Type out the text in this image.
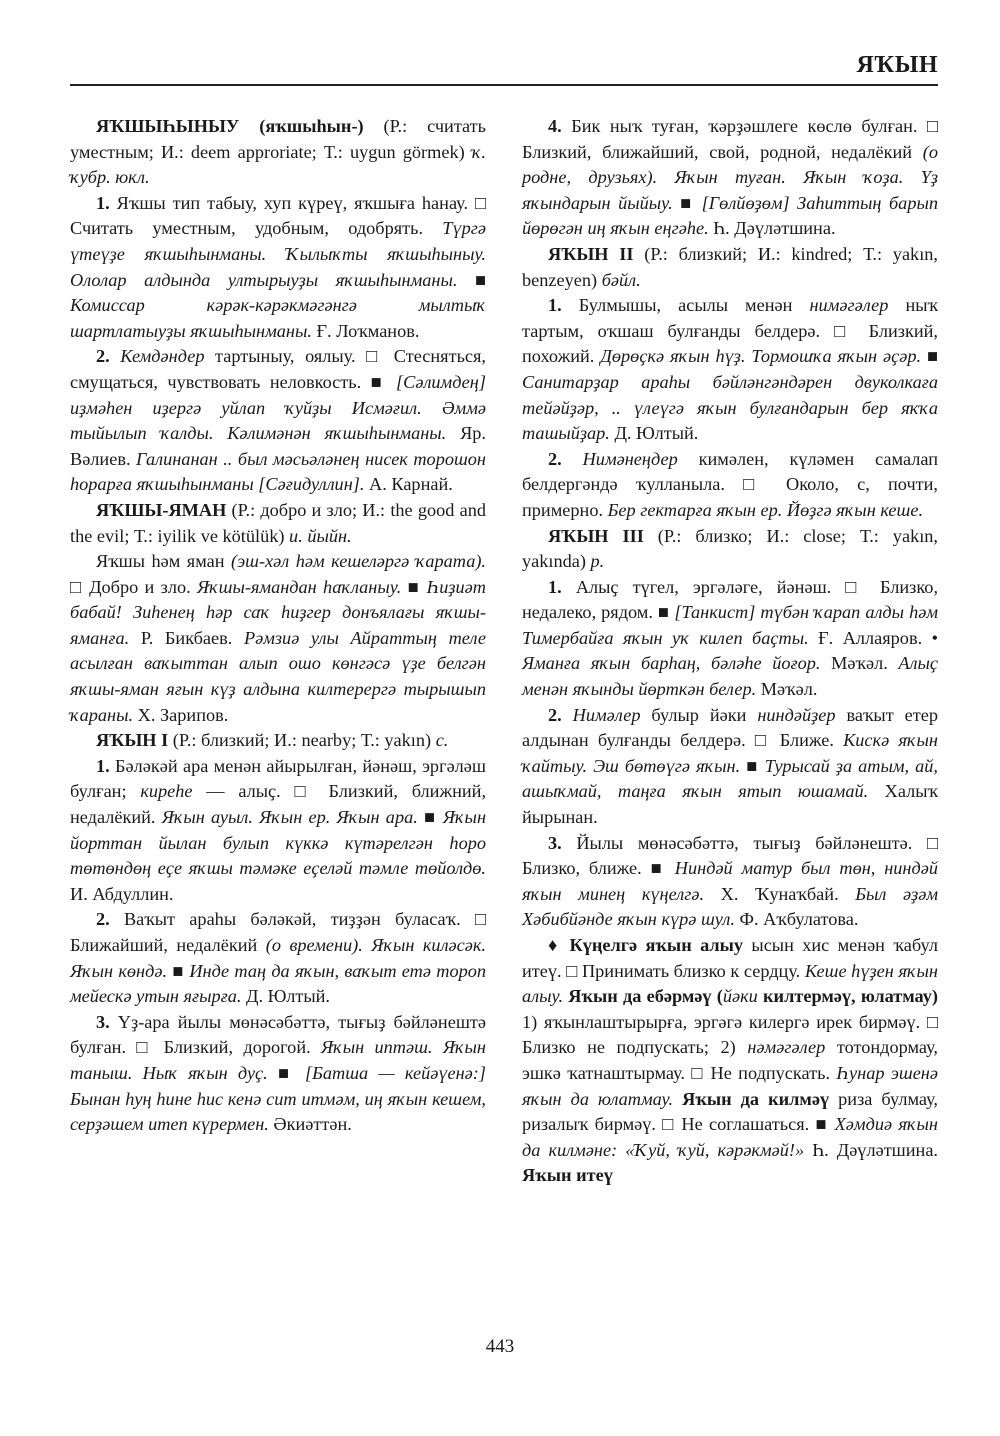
ЯҠЫН

ЯҠШЫҺЫНЫУ (яҡшыһын-) (Р.: считать уместным; И.: deem approriate; Т.: uygun görmek) ҡ. ҡубр. юкл.

1. Яҡшы тип табыу, хуп күреү, яҡшыға һанау. □ Считать уместным, удобным, одобрять. Түргә үтеүҙе яҡшыһынманы. Ҡылыҡты яҡшыһыныу. Ололар алдында ултырыуҙы яҡшыһынманы. ■ Комиссар кәрәк-кәрәкмәгәнгә мылтыҡ шартлатыуҙы яҡшыһынманы. Ғ. Лоҡманов.

2. Кемдәндер тартыныу, оялыу. □ Стесняться, смущаться, чувствовать неловкость. ■ [Сәлимдең] иҙмәһен иҙергә уйлап ҡуйҙы Исмәғил. Әммә тыйылып ҡалды. Кәлимәнән яҡшыһынманы. Яр. Вәлиев. Галинанан .. был мәсьәләнең нисек торошон һорарға яҡшыһынманы [Сәғидуллин]. А. Карнай.

ЯҠШЫ-ЯМАН (Р.: добро и зло; И.: the good and the evil; Т.: iyilik ve kötülük) и. йыйн.

Яҡшы һәм яман (эш-хәл һәм кешеләргә ҡарата). □ Добро и зло. Яҡшы-ямандан һаҡланыу. ■ Һиҙиәт бабай! Зиһенең һәр саҡ һиҙгер донъялағы яҡшы-яманға. Р. Бикбаев. Рәмзиә улы Айраттың теле асылған ваҡыттан алып ошо көнгәсә үҙе белгән яҡшы-яман яғын күҙ алдына килтерергә тырышып ҡараны. Х. Зарипов.

ЯҠЫН I (Р.: близкий; И.: nearby; Т.: yakın) с.

1. Бәләкәй ара менән айырылған, йәнәш, эргәләш булған; киреһе — алыҫ. □ Близкий, ближний, недалёкий. Яҡын ауыл. Яҡын ер. Яҡын ара. ■ Яҡын йорттан йылан булып күккә күтәрелгән һоро төтөндөң еҫе яҡшы тәмәке еҫеләй тәмле төйолдө. И. Абдуллин.

2. Ваҡыт араһы бәләкәй, тиҙҙән буласаҡ. □ Ближайший, недалёкий (о времени). Яҡын киләсәк. Яҡын көндә. ■ Инде таң да яҡын, ваҡыт етә тороп мейескә утын яғырға. Д. Юлтый.

3. Үҙ-ара йылы мөнәсәбәттә, тығыҙ бәйләнештә булған. □ Близкий, дорогой. Яҡын иптәш. Яҡын таныш. Ныҡ яҡын дуҫ. ■ [Батша — кейәүенә:] Бынан һуң һине һис кенә сит итмәм, иң яҡын кешем, серҙәшем итеп күрермен. Әкиәттән.

4. Бик ныҡ туған, ҡәрҙәшлеге көслө булған. □ Близкий, ближайший, свой, родной, недалёкий (о родне, друзьях). Яҡын туған. Яҡын ҡоҙа. Үҙ яҡындарын йыйыу. ■ [Гөлйөҙөм] Заһиттың барып йөрөгән иң яҡын еңгәһе. Һ. Дәүләтшина.

ЯҠЫН II (Р.: близкий; И.: kindred; Т.: yakın, benzeyen) бәйл.

1. Булмышы, асылы менән нимәгәлер ныҡ тартым, оҡшаш булғанды белдерә. □ Близкий, похожий. Дөрөҫкә яҡын һүҙ. Тормошҡа яҡын әҫәр. ■ Санитарҙар араһы бәйләнгәндәрен двуколкаға тейәйҙәр, .. үлеүгә яҡын булғандарын бер яҡҡа ташыйҙар. Д. Юлтый.

2. Нимәнеңдер кимәлен, күләмен самалап белдергәндә ҡулланыла. □ Около, с, почти, примерно. Бер гектарға яҡын ер. Йөҙгә яҡын кеше.

ЯҠЫН III (Р.: близко; И.: close; Т.: yakın, yakında) р.

1. Алыҫ түгел, эргәләге, йәнәш. □ Близко, недалеко, рядом. ■ [Танкист] түбән ҡарап алды һәм Тимербайға яҡын уҡ килеп баҫты. Ғ. Аллаяров. • Яманға яҡын барһаң, бәләһе йоғор. Мәҡәл. Алыҫ менән яҡынды йөрткән белер. Мәҡәл.

2. Нимәлер булыр йәки ниндәйҙер ваҡыт етер алдынан булғанды белдерә. □ Ближе. Кискә яҡын ҡайтыу. Эш бөтөүгә яҡын. ■ Турысай ҙа атым, ай, ашыҡмай, таңға яҡын ятып юшамай. Халыҡ йырынан.

3. Йылы мөнәсәбәттә, тығыҙ бәйләнештә. □ Близко, ближе. ■ Ниндәй матур был төн, ниндәй яҡын минең күңелгә. Х. Ҡунаҡбай. Был әҙәм Хәбибйәнде яҡын күрә шул. Ф. Аҡбулатова.

♦ Күңелгә яҡын алыу ысын хис менән ҡабул итеү. □ Принимать близко к сердцу. Кеше һүҙен яҡын алыу. Яҡын да ебәрмәү (йәки килтермәү, юлатмау) 1) яҡынлаштырырға, эргәгә килергә ирек бирмәү. □ Близко не подпускать; 2) нәмәгәлер тотондормау, эшкә ҡатнаштырмау. □ Не подпускать. Һунар эшенә яҡын да юлатмау. Яҡын да килмәү риза булмау, ризалыҡ бирмәү. □ Не соглашаться. ■ Хәмдиә яҡын да килмәне: «Ҡуй, ҡуй, кәрәкмәй!» Һ. Дәүләтшина. Яҡын итеү

443
